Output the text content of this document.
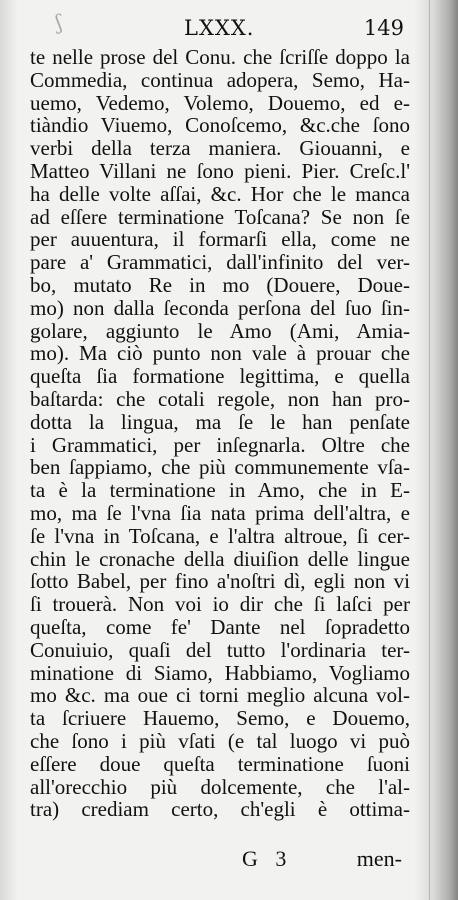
ʃ	LXXX.	149
te nelle prose del Conu. che ſcriſſe doppo la
Commedia, continua adopera, Semo, Ha-
uemo, Vedemo, Volemo, Douemo, ed e-
tiàndio Viuemo, Conoſcemo, &c.che ſono
verbi della terza maniera. Giouanni, e
Matteo Villani ne ſono pieni. Pier. Creſc.l'
ha delle volte aſſai, &c. Hor che le manca
ad eſſere terminatione Toſcana? Se non ſe
per auuentura, il formarſi ella, come ne
pare a' Grammatici, dall'infinito del ver-
bo, mutato Re in mo (Douere, Doue-
mo) non dalla ſeconda perſona del ſuo ſin-
golare, aggiunto le Amo (Ami, Amia-
mo). Ma ciò punto non vale à prouar che
queſta ſia formatione legittima, e quella
baſtarda: che cotali regole, non han pro-
dotta la lingua, ma ſe le han penſate
i Grammatici, per inſegnarla. Oltre che
ben ſappiamo, che più communemente vſa-
ta è la terminatione in Amo, che in E-
mo, ma ſe l'vna ſia nata prima dell'altra, e
ſe l'vna in Toſcana, e l'altra altroue, ſi cer-
chin le cronache della diuiſion delle lingue
ſotto Babel, per fino a'noſtri dì, egli non vi
ſi trouerà. Non voi io dir che ſi laſci per
queſta, come fe' Dante nel ſopradetto
Conuiuio, quaſi del tutto l'ordinaria ter-
minatione di Siamo, Habbiamo, Vogliamo
mo &c. ma oue ci torni meglio alcuna vol-
ta ſcriuere Hauemo, Semo, e Douemo,
che ſono i più vſati (e tal luogo vi può
eſſere doue queſta terminatione ſuoni
all'orecchio più dolcemente, che l'al-
tra) crediam certo, ch'egli è ottima-
G 3	men-
